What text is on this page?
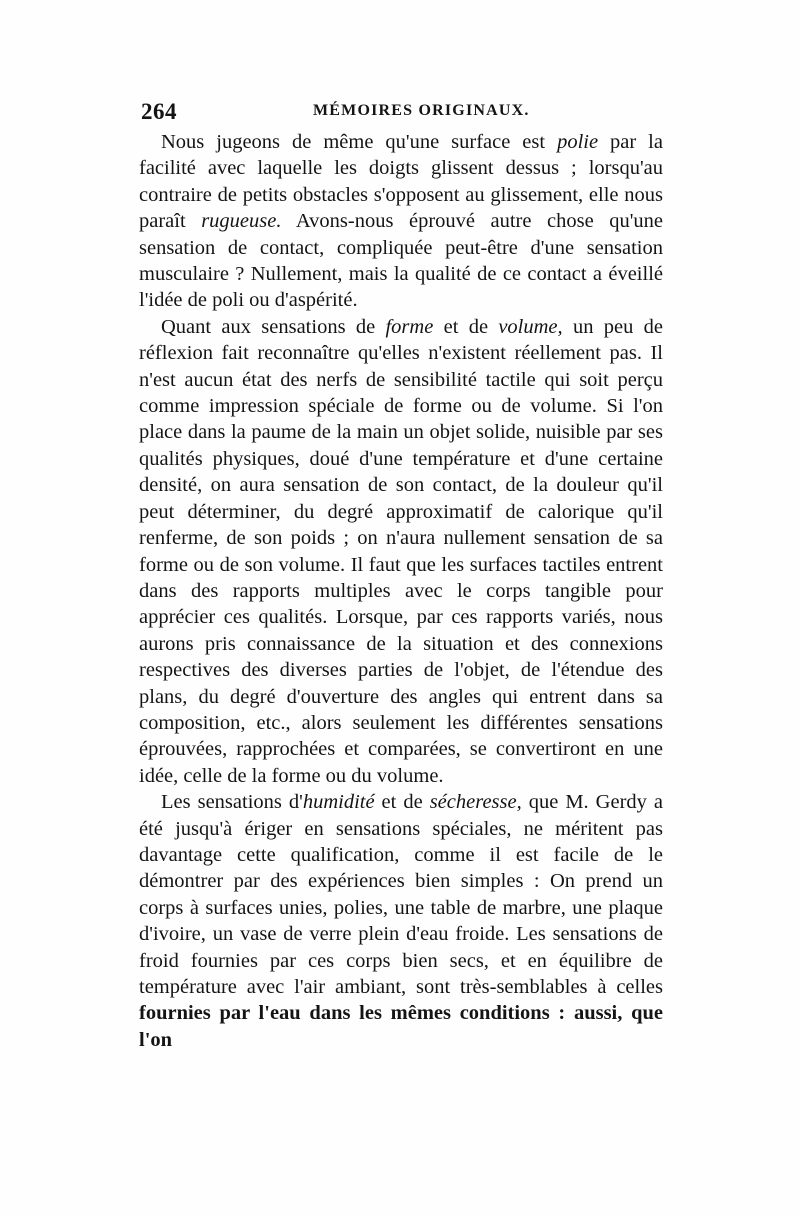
264	MÉMOIRES ORIGINAUX.

Nous jugeons de même qu'une surface est polie par la facilité avec laquelle les doigts glissent dessus ; lorsqu'au contraire de petits obstacles s'opposent au glissement, elle nous paraît rugueuse. Avons-nous éprouvé autre chose qu'une sensation de contact, compliquée peut-être d'une sensation musculaire ? Nullement, mais la qualité de ce contact a éveillé l'idée de poli ou d'aspérité.

Quant aux sensations de forme et de volume, un peu de réflexion fait reconnaître qu'elles n'existent réellement pas. Il n'est aucun état des nerfs de sensibilité tactile qui soit perçu comme impression spéciale de forme ou de volume. Si l'on place dans la paume de la main un objet solide, nuisible par ses qualités physiques, doué d'une température et d'une certaine densité, on aura sensation de son contact, de la douleur qu'il peut déterminer, du degré approximatif de calorique qu'il renferme, de son poids ; on n'aura nullement sensation de sa forme ou de son volume. Il faut que les surfaces tactiles entrent dans des rapports multiples avec le corps tangible pour apprécier ces qualités. Lorsque, par ces rapports variés, nous aurons pris connaissance de la situation et des connexions respectives des diverses parties de l'objet, de l'étendue des plans, du degré d'ouverture des angles qui entrent dans sa composition, etc., alors seulement les différentes sensations éprouvées, rapprochées et comparées, se convertiront en une idée, celle de la forme ou du volume.

Les sensations d'humidité et de sécheresse, que M. Gerdy a été jusqu'à ériger en sensations spéciales, ne méritent pas davantage cette qualification, comme il est facile de le démontrer par des expériences bien simples : On prend un corps à surfaces unies, polies, une table de marbre, une plaque d'ivoire, un vase de verre plein d'eau froide. Les sensations de froid fournies par ces corps bien secs, et en équilibre de température avec l'air ambiant, sont très-semblables à celles fournies par l'eau dans les mêmes conditions : aussi, que l'on
